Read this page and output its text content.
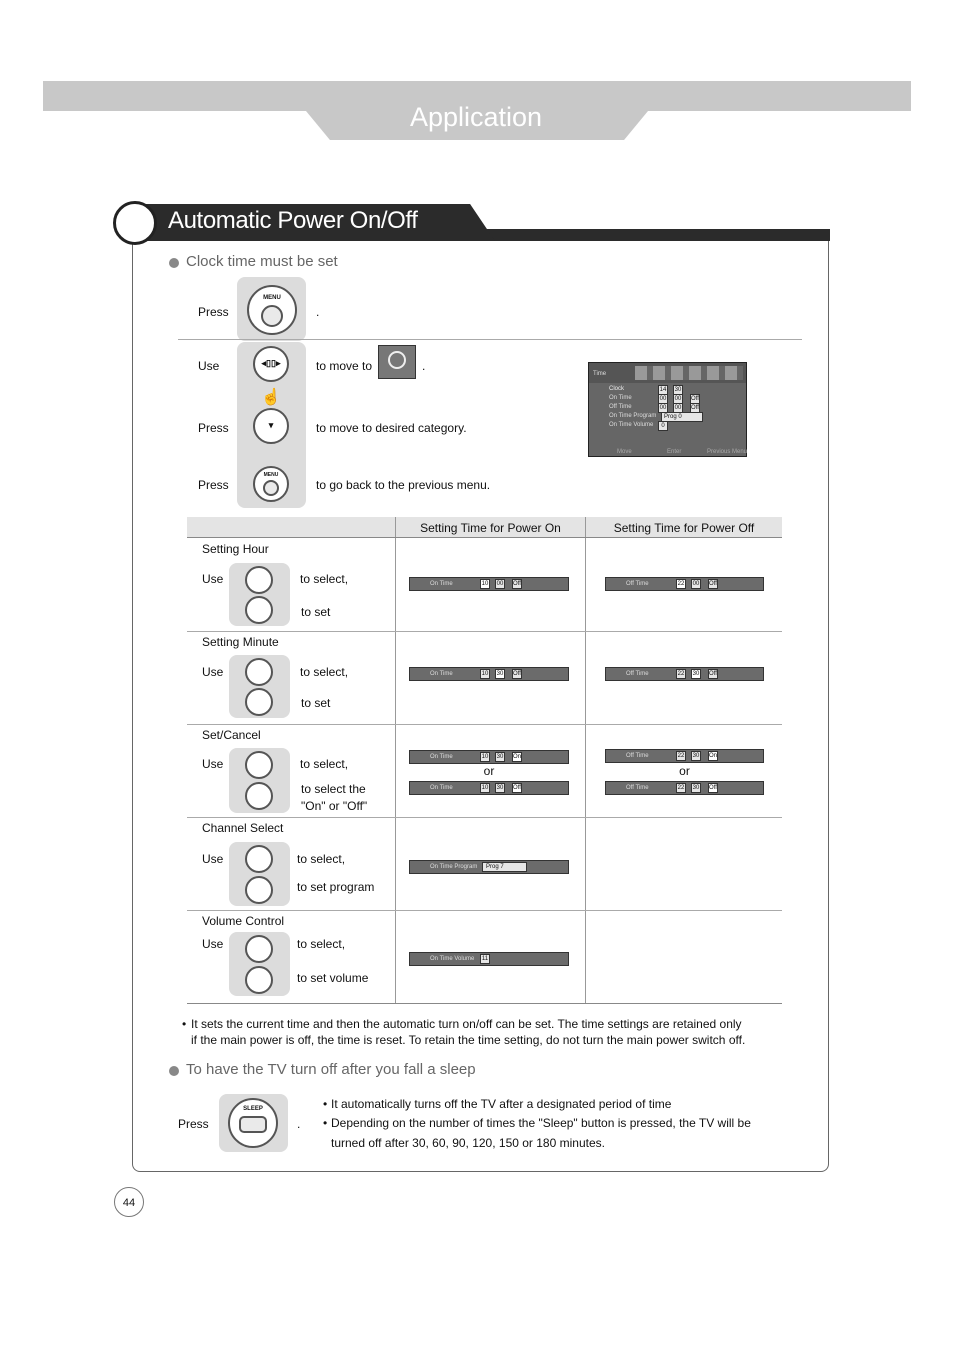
Application
Automatic Power On/Off
Clock time must be set
Press
MENU
.
◂▯▯▸
☝
▾
MENU
Use	to move to	.
Press	to move to desired category.
Press	to go back to the previous menu.
Time
Clock	14 30
On Time	00 00 Off
Off Time	00 00 Off
On Time Program	Prog 0
On Time Volume	0
Move	Enter	Previous Menu
Setting Time for Power On	Setting Time for Power Off
Setting Hour
Use	to select,
to set
On Time	10 00 Off	Off Time	22 00 Off
Setting Minute
Use	to select,
to set
On Time	10 30 Off	Off Time	22 30 Off
Set/Cancel
Use	to select,
to select the
"On" or "Off"
On Time	10 30 On
or
On Time	10 30 Off
Off Time	22 30 On
or
Off Time	22 30 Off
Channel Select
Use	to select,
to set program
On Time Program	Prog 7
Volume Control
Use	to select,
to set volume
On Time Volume	11
• It sets the current time and then the automatic turn on/off can be set. The time settings are retained only
if the main power is off, the time is reset. To retain the time setting, do not turn the main power switch off.
To have the TV turn off after you fall a sleep
Press
SLEEP
.
• It automatically turns off the TV after a designated period of time
• Depending on the number of times the "Sleep" button is pressed, the TV will be
turned off after 30, 60, 90, 120, 150 or 180 minutes.
44
